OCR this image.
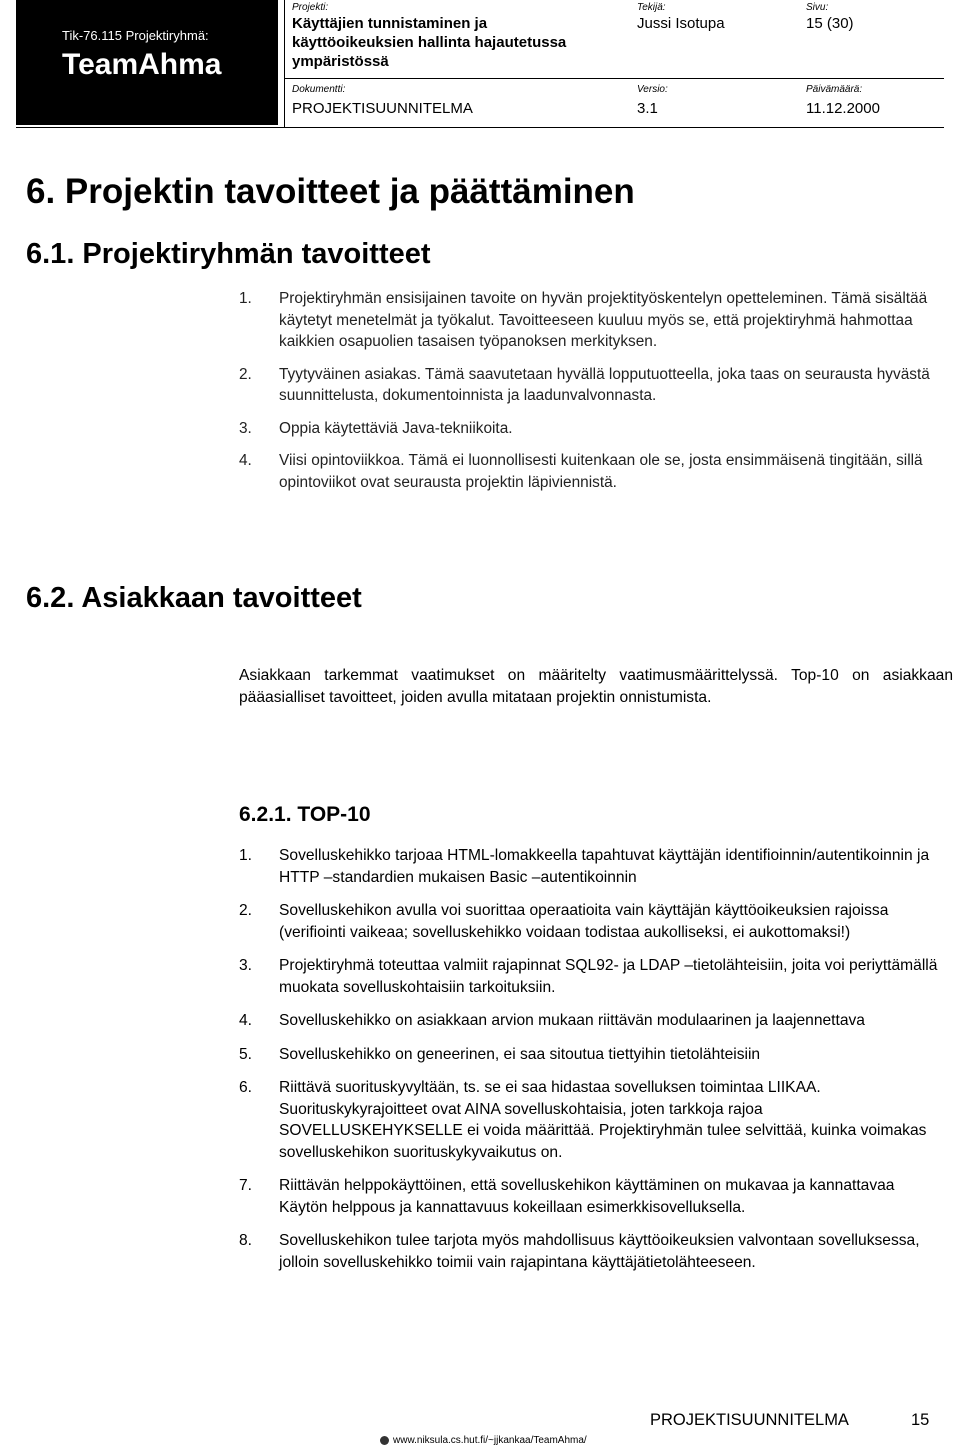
Tik-76.115 Projektiryhmä:
TeamAhma
Projekti:
Käyttäjien tunnistaminen ja
käyttöoikeuksien hallinta hajautetussa
ympäristössä
Tekijä:
Jussi Isotupa
Sivu:
15 (30)
Dokumentti:
PROJEKTISUUNNITELMA
Versio:
3.1
Päivämäärä:
11.12.2000
6. Projektin tavoitteet ja päättäminen
6.1. Projektiryhmän tavoitteet
1. Projektiryhmän ensisijainen tavoite on hyvän projektityöskentelyn opetteleminen. Tämä sisältää käytetyt menetelmät ja työkalut. Tavoitteeseen kuuluu myös se, että projektiryhmä hahmottaa kaikkien osapuolien tasaisen työpanoksen merkityksen.
2. Tyytyväinen asiakas. Tämä saavutetaan hyvällä lopputuotteella, joka taas on seurausta hyvästä suunnittelusta, dokumentoinnista ja laadunvalvonnasta.
3. Oppia käytettäviä Java-tekniikoita.
4. Viisi opintoviikkoa. Tämä ei luonnollisesti kuitenkaan ole se, josta ensimmäisenä tingitään, sillä opintoviikot ovat seurausta projektin läpiviennistä.
6.2. Asiakkaan tavoitteet
Asiakkaan tarkemmat vaatimukset on määritelty vaatimusmäärittelyssä. Top-10 on asiakkaan pääasialliset tavoitteet, joiden avulla mitataan projektin onnistumista.
6.2.1. TOP-10
1. Sovelluskehikko tarjoaa HTML-lomakkeella tapahtuvat käyttäjän identifioinnin/autentikoinnin ja HTTP –standardien mukaisen Basic –autentikoinnin
2. Sovelluskehikon avulla voi suorittaa operaatioita vain käyttäjän käyttöoikeuksien rajoissa (verifiointi vaikeaa; sovelluskehikko voidaan todistaa aukolliseksi, ei aukottomaksi!)
3. Projektiryhmä toteuttaa valmiit rajapinnat SQL92- ja LDAP –tietolähteisiin, joita voi periyttämällä muokata sovelluskohtaisiin tarkoituksiin.
4. Sovelluskehikko on asiakkaan arvion mukaan riittävän modulaarinen ja laajennettava
5. Sovelluskehikko on geneerinen, ei saa sitoutua tiettyihin tietolähteisiin
6. Riittävä suorituskyvyltään, ts. se ei saa hidastaa sovelluksen toimintaa LIIKAA. Suorituskykyrajoitteet ovat AINA sovelluskohtaisia, joten tarkkoja rajoa SOVELLUSKEHYKSELLE ei voida määrittää. Projektiryhmän tulee selvittää, kuinka voimakas sovelluskehikon suorituskykyvaikutus on.
7. Riittävän helppokäyttöinen, että sovelluskehikon käyttäminen on mukavaa ja kannattavaa Käytön helppous ja kannattavuus kokeillaan esimerkkisovelluksella.
8. Sovelluskehikon tulee tarjota myös mahdollisuus käyttöoikeuksien valvontaan sovelluksessa, jolloin sovelluskehikko toimii vain rajapintana käyttäjätietolähteeseen.
PROJEKTISUUNNITELMA	15
www.niksula.cs.hut.fi/~jjkankaa/TeamAhma/
